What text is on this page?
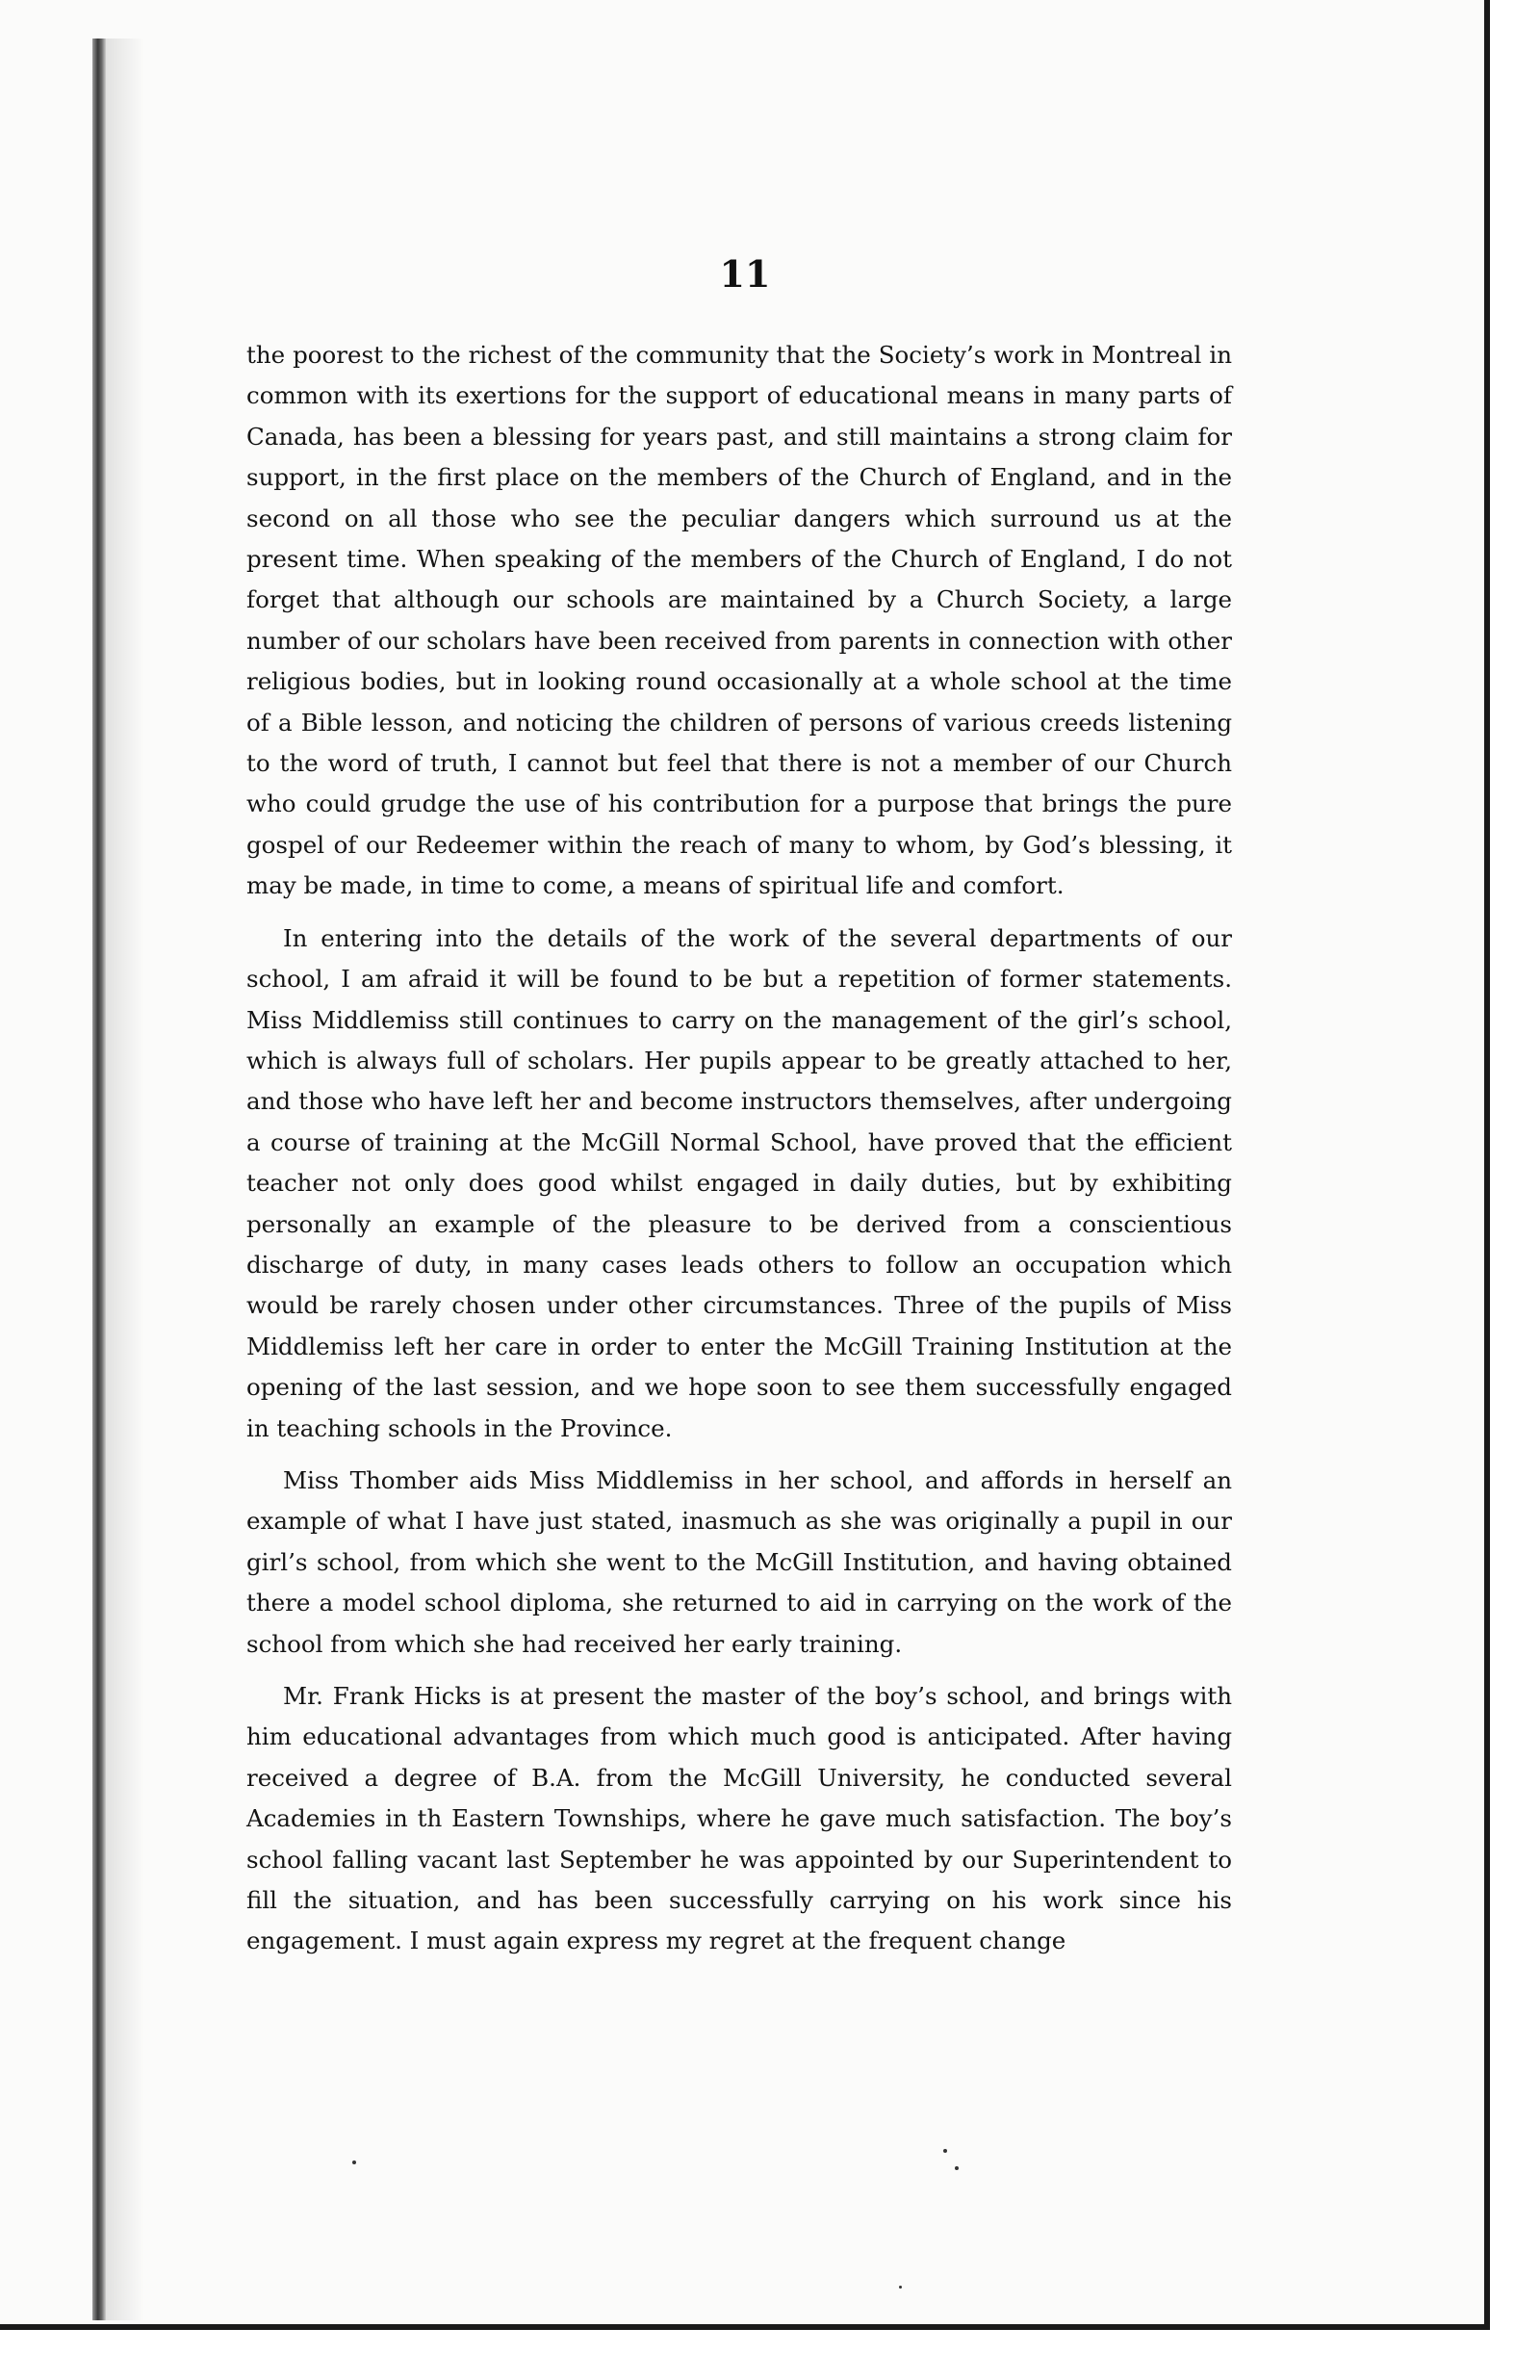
11

the poorest to the richest of the community that the Society’s work in Montreal in common with its exertions for the support of educational means in many parts of Canada, has been a blessing for years past, and still maintains a strong claim for support, in the first place on the members of the Church of England, and in the second on all those who see the peculiar dangers which surround us at the present time. When speaking of the members of the Church of England, I do not forget that although our schools are maintained by a Church Society, a large number of our scholars have been received from parents in connection with other religious bodies, but in looking round occasionally at a whole school at the time of a Bible lesson, and noticing the children of persons of various creeds listening to the word of truth, I cannot but feel that there is not a member of our Church who could grudge the use of his contribution for a purpose that brings the pure gospel of our Redeemer within the reach of many to whom, by God’s blessing, it may be made, in time to come, a means of spiritual life and comfort.

In entering into the details of the work of the several departments of our school, I am afraid it will be found to be but a repetition of former statements. Miss Middlemiss still continues to carry on the management of the girl’s school, which is always full of scholars. Her pupils appear to be greatly attached to her, and those who have left her and become instructors themselves, after undergoing a course of training at the McGill Normal School, have proved that the efficient teacher not only does good whilst engaged in daily duties, but by exhibiting personally an example of the pleasure to be derived from a conscientious discharge of duty, in many cases leads others to follow an occupation which would be rarely chosen under other circumstances. Three of the pupils of Miss Middlemiss left her care in order to enter the McGill Training Institution at the opening of the last session, and we hope soon to see them successfully engaged in teaching schools in the Province.

Miss Thomber aids Miss Middlemiss in her school, and affords in herself an example of what I have just stated, inasmuch as she was originally a pupil in our girl’s school, from which she went to the McGill Institution, and having obtained there a model school diploma, she returned to aid in carrying on the work of the school from which she had received her early training.

Mr. Frank Hicks is at present the master of the boy’s school, and brings with him educational advantages from which much good is anticipated. After having received a degree of B.A. from the McGill University, he conducted several Academies in th Eastern Townships, where he gave much satisfaction. The boy’s school falling vacant last September he was appointed by our Superintendent to fill the situation, and has been successfully carrying on his work since his engagement. I must again express my regret at the frequent change
